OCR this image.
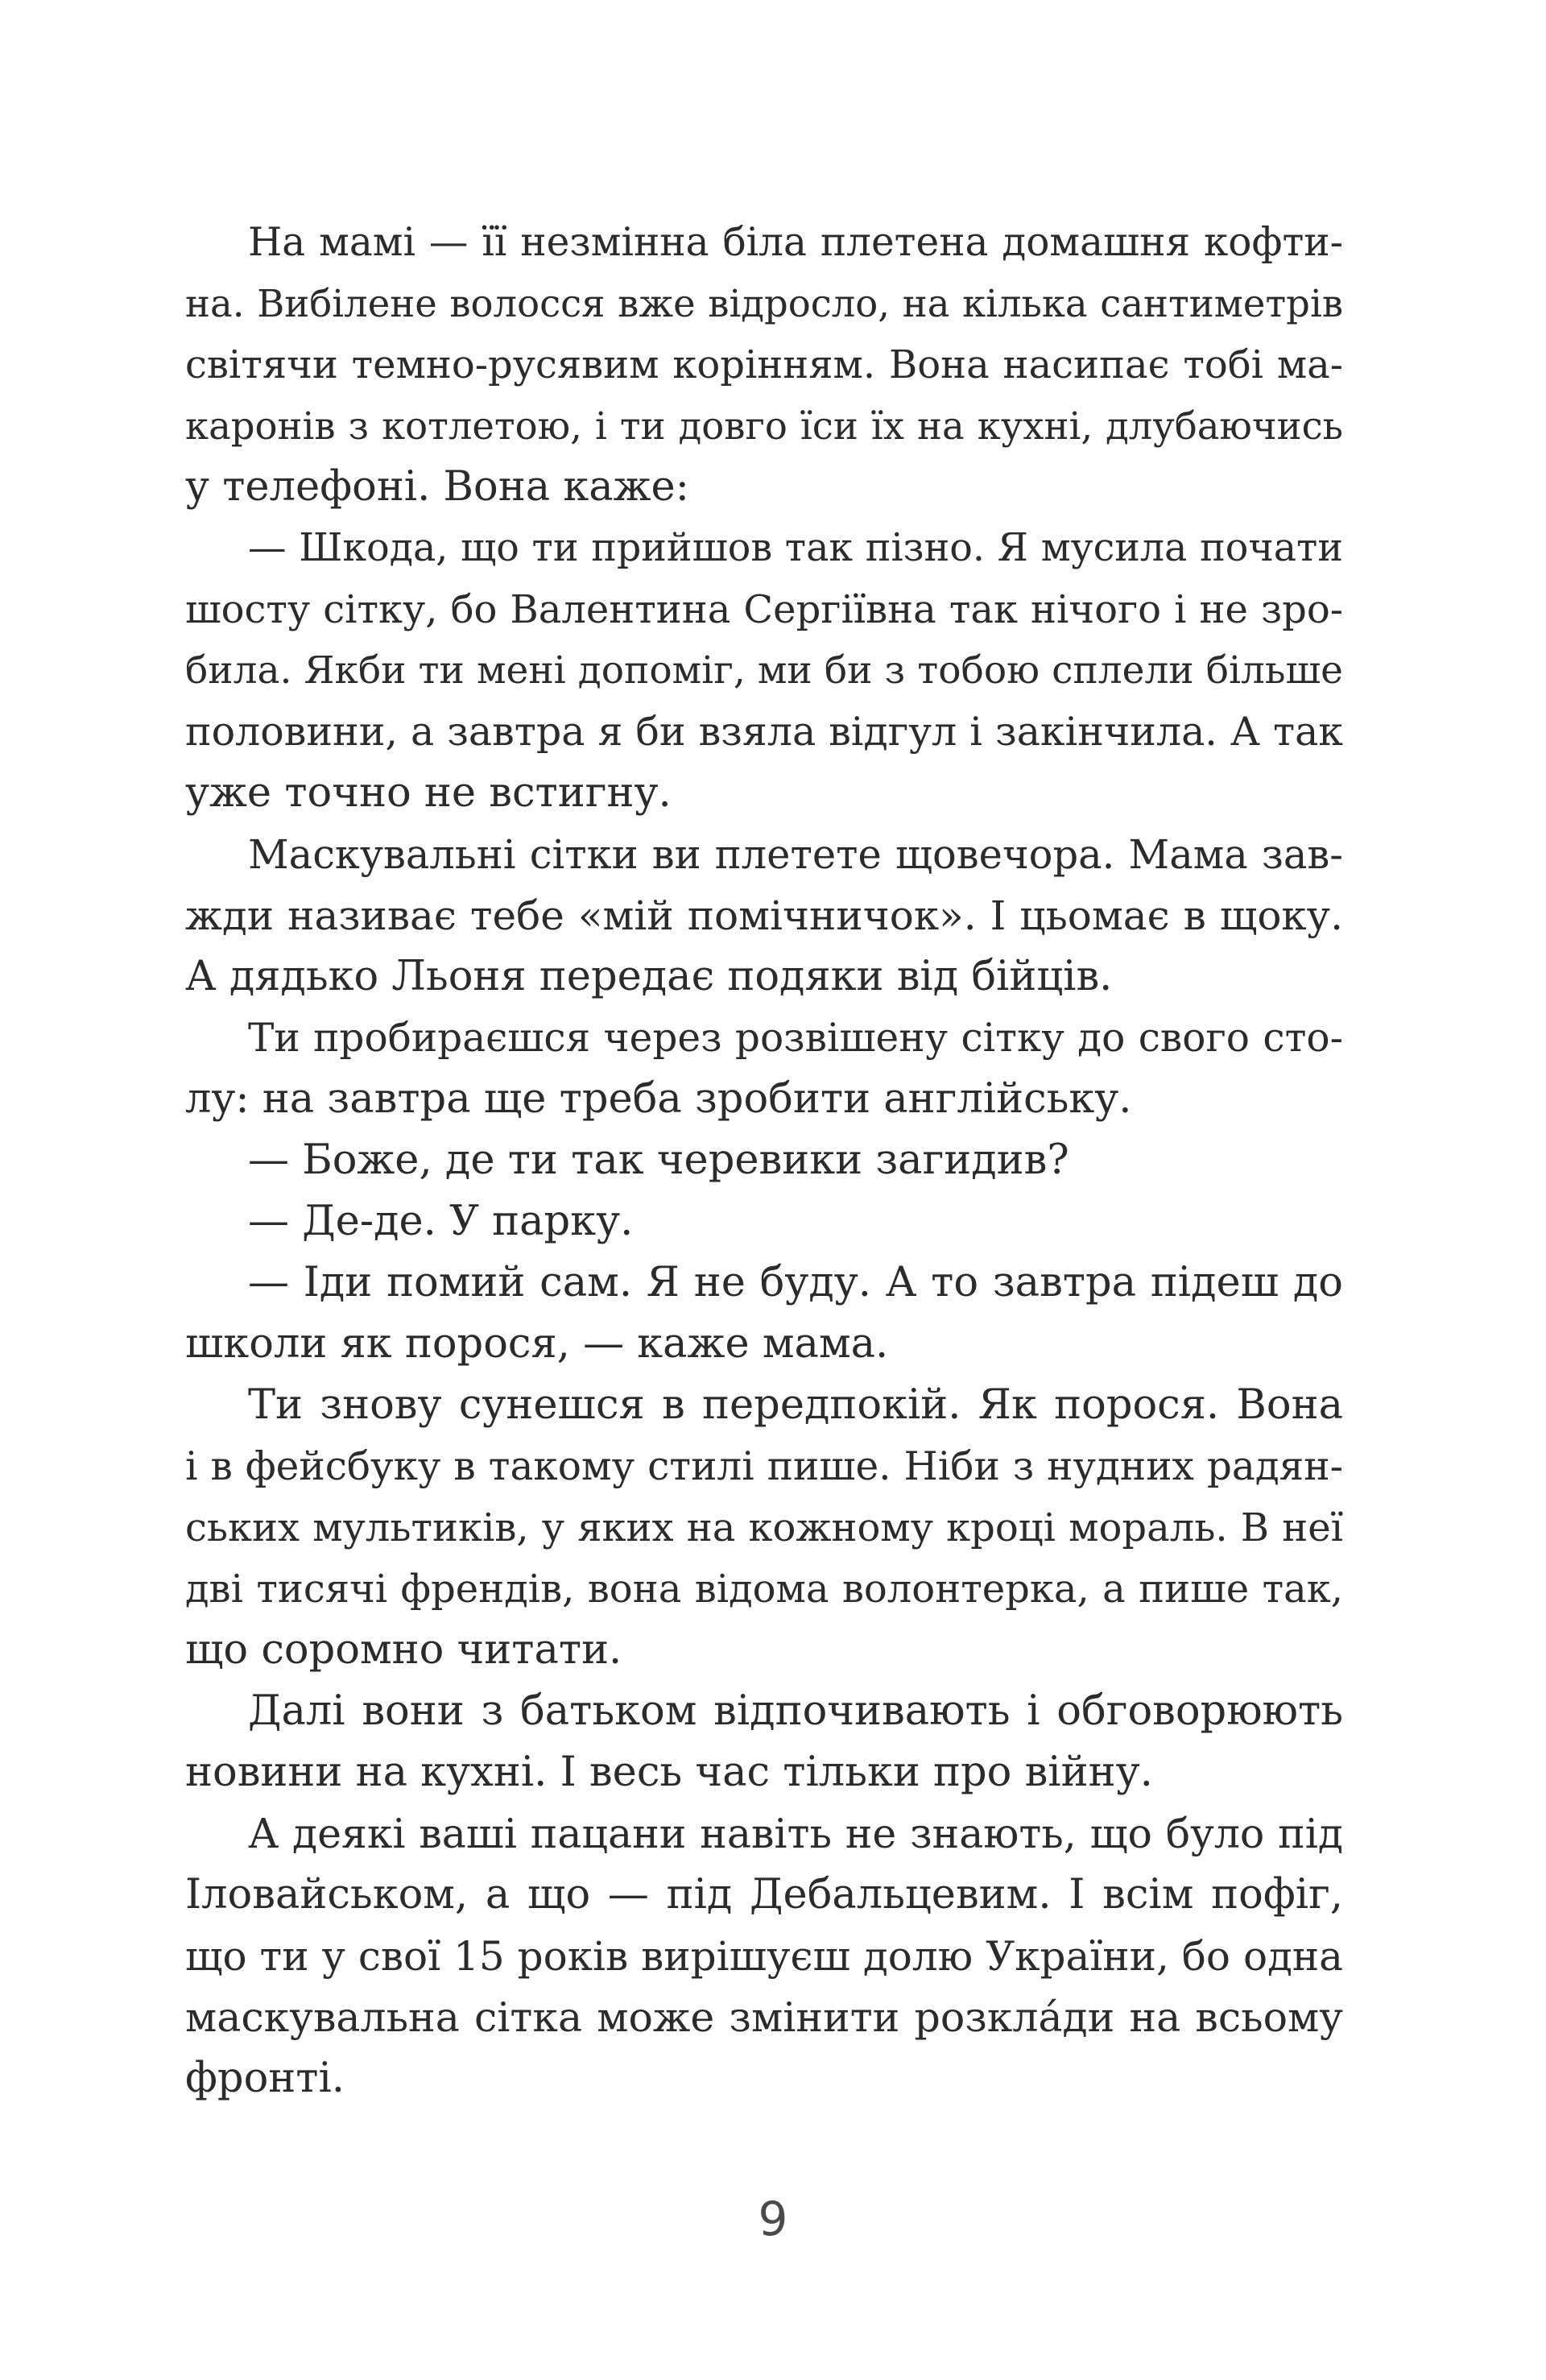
На мамі — її незмінна біла плетена домашня кофти-
на. Вибілене волосся вже відросло, на кілька сантиметрів
світячи темно-русявим корінням. Вона насипає тобі ма-
каронів з котлетою, і ти довго їси їх на кухні, длубаючись
у телефоні. Вона каже:
— Шкода, що ти прийшов так пізно. Я мусила почати
шосту сітку, бо Валентина Сергіївна так нічого і не зро-
била. Якби ти мені допоміг, ми би з тобою сплели більше
половини, а завтра я би взяла відгул і закінчила. А так
уже точно не встигну.
Маскувальні сітки ви плетете щовечора. Мама зав-
жди називає тебе «мій помічничок». І цьомає в щоку.
А дядько Льоня передає подяки від бійців.
Ти пробираєшся через розвішену сітку до свого сто-
лу: на завтра ще треба зробити англійську.
— Боже, де ти так черевики загидив?
— Де-де. У парку.
— Іди помий сам. Я не буду. А то завтра підеш до
школи як порося, — каже мама.
Ти знову сунешся в передпокій. Як порося. Вона
і в фейсбуку в такому стилі пише. Ніби з нудних радян-
ських мультиків, у яких на кожному кроці мораль. В неї
дві тисячі френдів, вона відома волонтерка, а пише так,
що соромно читати.
Далі вони з батьком відпочивають і обговорюють
новини на кухні. І весь час тільки про війну.
А деякі ваші пацани навіть не знають, що було під
Іловайськом, а що — під Дебальцевим. І всім пофіг,
що ти у свої 15 років вирішуєш долю України, бо одна
маскувальна сітка може змінити розкла́ди на всьому
фронті.
9
